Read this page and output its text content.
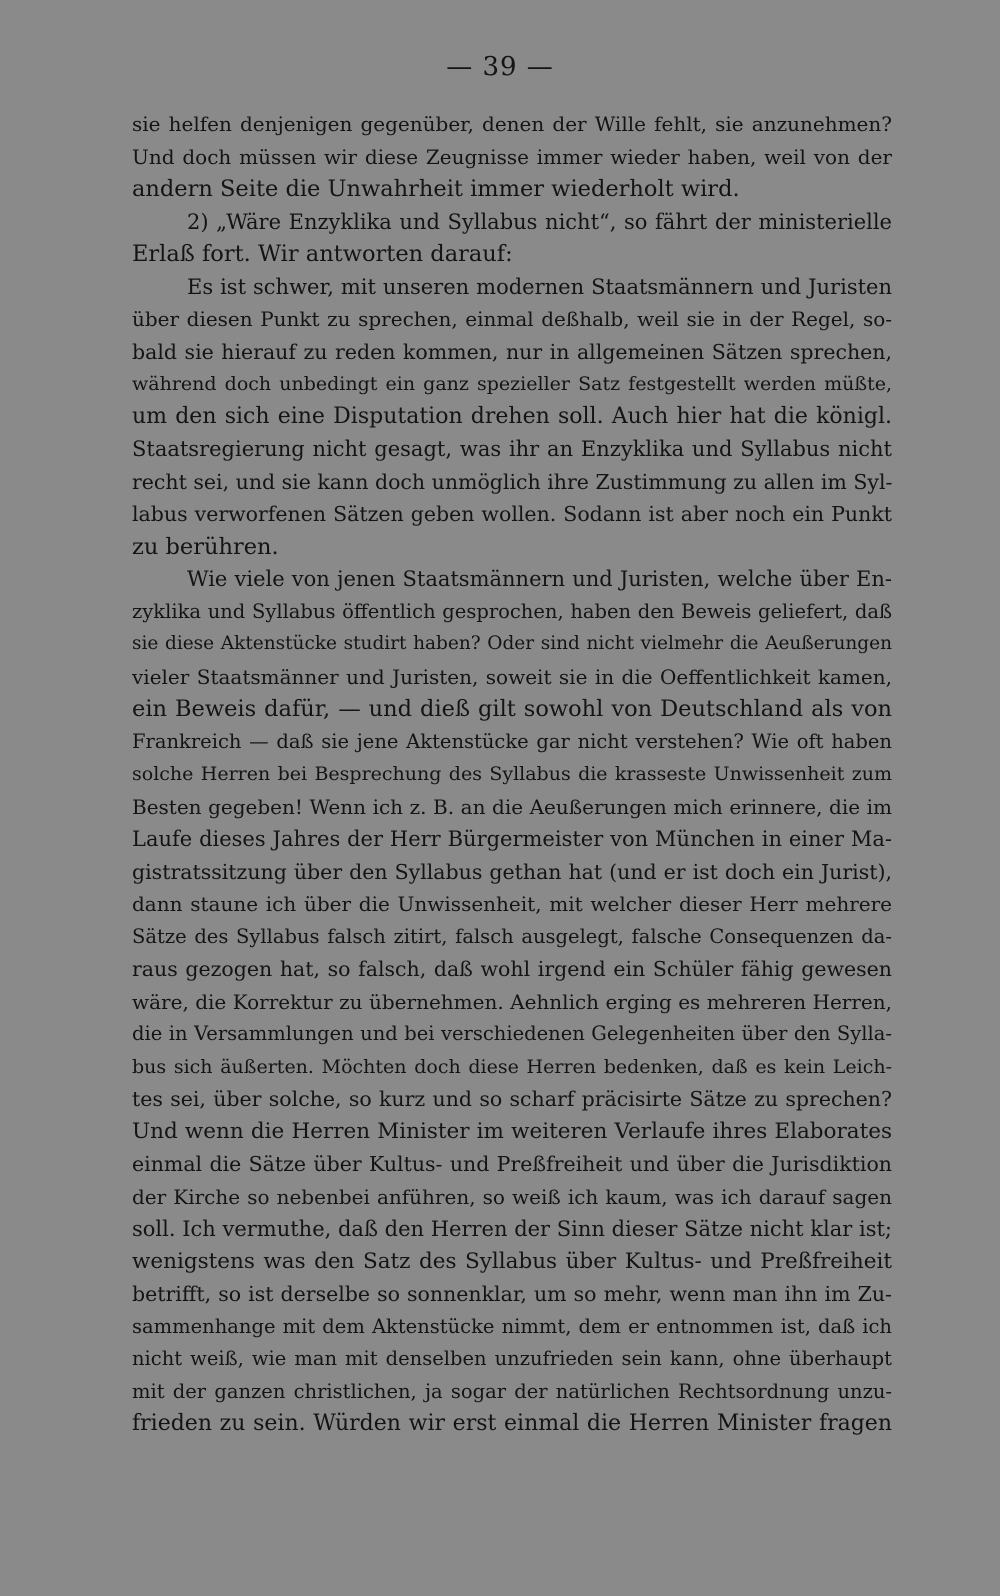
— 39 —
sie helfen denjenigen gegenüber, denen der Wille fehlt, sie anzunehmen?
Und doch müssen wir diese Zeugnisse immer wieder haben, weil von der
andern Seite die Unwahrheit immer wiederholt wird.
2) „Wäre Enzyklika und Syllabus nicht“, so fährt der ministerielle
Erlaß fort. Wir antworten darauf:
Es ist schwer, mit unseren modernen Staatsmännern und Juristen
über diesen Punkt zu sprechen, einmal deßhalb, weil sie in der Regel, so-
bald sie hierauf zu reden kommen, nur in allgemeinen Sätzen sprechen,
während doch unbedingt ein ganz spezieller Satz festgestellt werden müßte,
um den sich eine Disputation drehen soll. Auch hier hat die königl.
Staatsregierung nicht gesagt, was ihr an Enzyklika und Syllabus nicht
recht sei, und sie kann doch unmöglich ihre Zustimmung zu allen im Syl-
labus verworfenen Sätzen geben wollen. Sodann ist aber noch ein Punkt
zu berühren.
Wie viele von jenen Staatsmännern und Juristen, welche über En-
zyklika und Syllabus öffentlich gesprochen, haben den Beweis geliefert, daß
sie diese Aktenstücke studirt haben? Oder sind nicht vielmehr die Aeußerungen
vieler Staatsmänner und Juristen, soweit sie in die Oeffentlichkeit kamen,
ein Beweis dafür, — und dieß gilt sowohl von Deutschland als von
Frankreich — daß sie jene Aktenstücke gar nicht verstehen? Wie oft haben
solche Herren bei Besprechung des Syllabus die krasseste Unwissenheit zum
Besten gegeben! Wenn ich z. B. an die Aeußerungen mich erinnere, die im
Laufe dieses Jahres der Herr Bürgermeister von München in einer Ma-
gistratssitzung über den Syllabus gethan hat (und er ist doch ein Jurist),
dann staune ich über die Unwissenheit, mit welcher dieser Herr mehrere
Sätze des Syllabus falsch zitirt, falsch ausgelegt, falsche Consequenzen da-
raus gezogen hat, so falsch, daß wohl irgend ein Schüler fähig gewesen
wäre, die Korrektur zu übernehmen. Aehnlich erging es mehreren Herren,
die in Versammlungen und bei verschiedenen Gelegenheiten über den Sylla-
bus sich äußerten. Möchten doch diese Herren bedenken, daß es kein Leich-
tes sei, über solche, so kurz und so scharf präcisirte Sätze zu sprechen?
Und wenn die Herren Minister im weiteren Verlaufe ihres Elaborates
einmal die Sätze über Kultus- und Preßfreiheit und über die Jurisdiktion
der Kirche so nebenbei anführen, so weiß ich kaum, was ich darauf sagen
soll. Ich vermuthe, daß den Herren der Sinn dieser Sätze nicht klar ist;
wenigstens was den Satz des Syllabus über Kultus- und Preßfreiheit
betrifft, so ist derselbe so sonnenklar, um so mehr, wenn man ihn im Zu-
sammenhange mit dem Aktenstücke nimmt, dem er entnommen ist, daß ich
nicht weiß, wie man mit denselben unzufrieden sein kann, ohne überhaupt
mit der ganzen christlichen, ja sogar der natürlichen Rechtsordnung unzu-
frieden zu sein. Würden wir erst einmal die Herren Minister fragen
